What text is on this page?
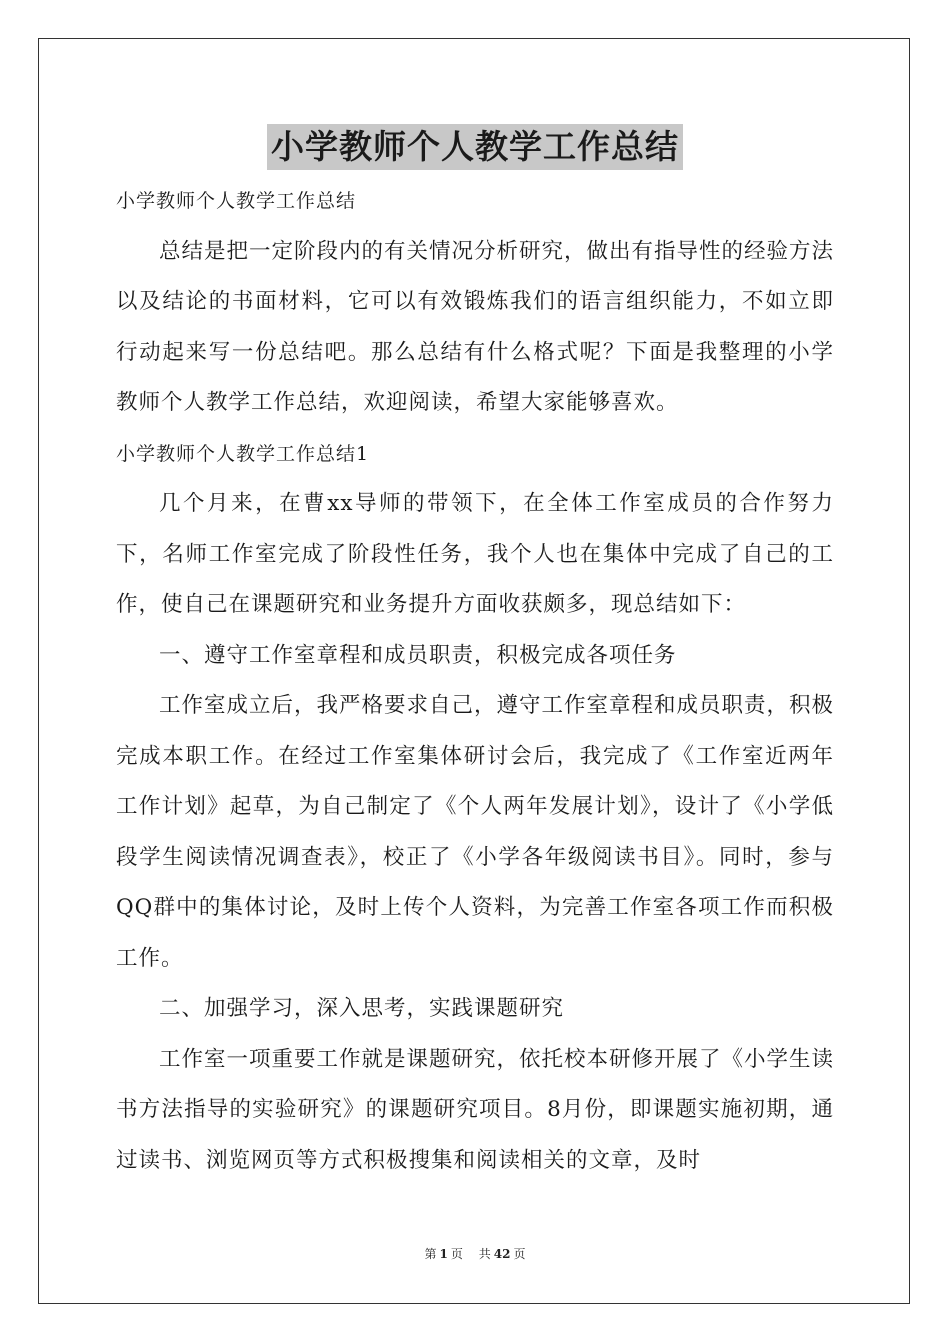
小学教师个人教学工作总结

小学教师个人教学工作总结

总结是把一定阶段内的有关情况分析研究，做出有指导性的经验方法以及结论的书面材料，它可以有效锻炼我们的语言组织能力，不如立即行动起来写一份总结吧。那么总结有什么格式呢？下面是我整理的小学教师个人教学工作总结，欢迎阅读，希望大家能够喜欢。

小学教师个人教学工作总结1

几个月来，在曹xx导师的带领下，在全体工作室成员的合作努力下，名师工作室完成了阶段性任务，我个人也在集体中完成了自己的工作，使自己在课题研究和业务提升方面收获颇多，现总结如下：

一、遵守工作室章程和成员职责，积极完成各项任务

工作室成立后，我严格要求自己，遵守工作室章程和成员职责，积极完成本职工作。在经过工作室集体研讨会后，我完成了《工作室近两年工作计划》起草，为自己制定了《个人两年发展计划》，设计了《小学低段学生阅读情况调查表》，校正了《小学各年级阅读书目》。同时，参与QQ群中的集体讨论，及时上传个人资料，为完善工作室各项工作而积极工作。

二、加强学习，深入思考，实践课题研究

工作室一项重要工作就是课题研究，依托校本研修开展了《小学生读书方法指导的实验研究》的课题研究项目。8月份，即课题实施初期，通过读书、浏览网页等方式积极搜集和阅读相关的文章，及时

第 1 页 共 42 页
